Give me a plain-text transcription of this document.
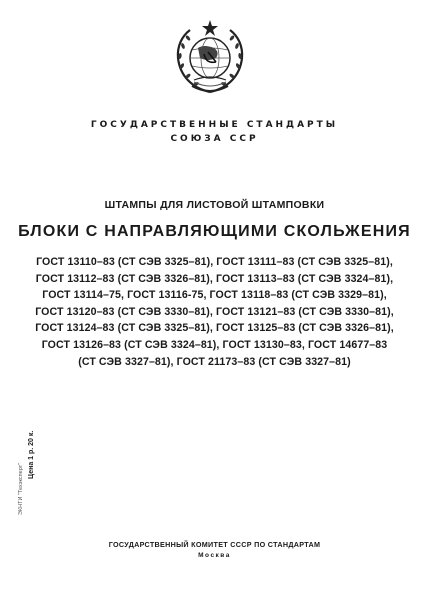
ГОСУДАРСТВЕННЫЕ СТАНДАРТЫ
СОЮЗА ССР
ШТАМПЫ ДЛЯ ЛИСТОВОЙ ШТАМПОВКИ
БЛОКИ С НАПРАВЛЯЮЩИМИ СКОЛЬЖЕНИЯ
ГОСТ 13110–83 (СТ СЭВ 3325–81), ГОСТ 13111–83 (СТ СЭВ 3325–81),
ГОСТ 13112–83 (СТ СЭВ 3326–81), ГОСТ 13113–83 (СТ СЭВ 3324–81),
ГОСТ 13114–75, ГОСТ 13116-75, ГОСТ 13118–83 (СТ СЭВ 3329–81),
ГОСТ 13120–83 (СТ СЭВ 3330–81), ГОСТ 13121–83 (СТ СЭВ 3330–81),
ГОСТ 13124–83 (СТ СЭВ 3325–81), ГОСТ 13125–83 (СТ СЭВ 3326–81),
ГОСТ 13126–83 (СТ СЭВ 3324–81), ГОСТ 13130–83, ГОСТ 14677–83
(СТ СЭВ 3327–81), ГОСТ 21173–83 (СТ СЭВ 3327–81)
ЭКНТИ "Техэксперт"
Цена 1 р. 20 к.
ГОСУДАРСТВЕННЫЙ КОМИТЕТ СССР ПО СТАНДАРТАМ
Москва
